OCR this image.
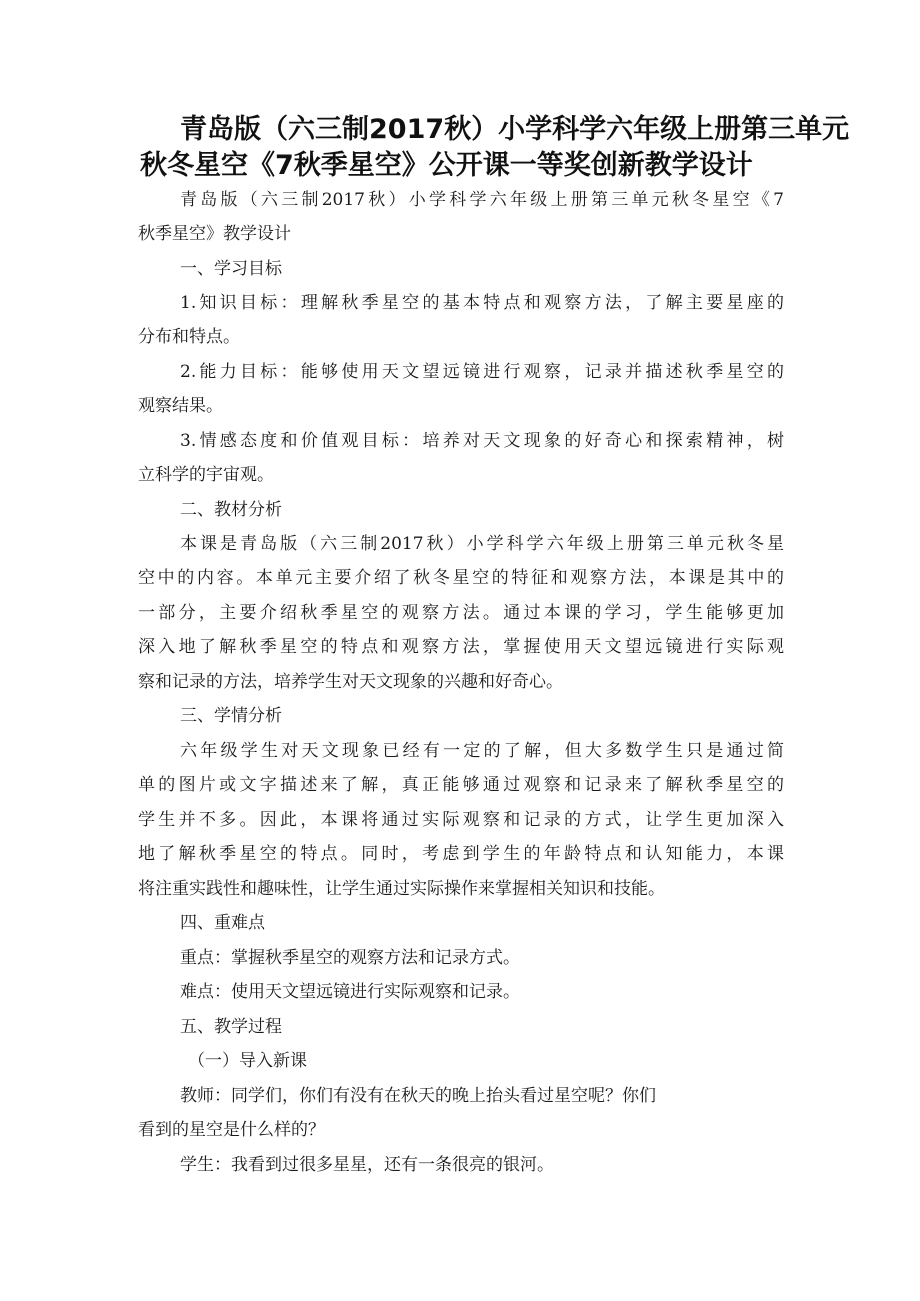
青岛版（六三制2017秋）小学科学六年级上册第三单元
秋冬星空《7秋季星空》公开课一等奖创新教学设计
青岛版（六三制2017秋）小学科学六年级上册第三单元秋冬星空《7
秋季星空》教学设计
一、学习目标
1.知识目标：理解秋季星空的基本特点和观察方法，了解主要星座的
分布和特点。
2.能力目标：能够使用天文望远镜进行观察，记录并描述秋季星空的
观察结果。
3.情感态度和价值观目标：培养对天文现象的好奇心和探索精神，树
立科学的宇宙观。
二、教材分析
本课是青岛版（六三制2017秋）小学科学六年级上册第三单元秋冬星
空中的内容。本单元主要介绍了秋冬星空的特征和观察方法，本课是其中的
一部分，主要介绍秋季星空的观察方法。通过本课的学习，学生能够更加
深入地了解秋季星空的特点和观察方法，掌握使用天文望远镜进行实际观
察和记录的方法，培养学生对天文现象的兴趣和好奇心。
三、学情分析
六年级学生对天文现象已经有一定的了解，但大多数学生只是通过简
单的图片或文字描述来了解，真正能够通过观察和记录来了解秋季星空的
学生并不多。因此，本课将通过实际观察和记录的方式，让学生更加深入
地了解秋季星空的特点。同时，考虑到学生的年龄特点和认知能力，本课
将注重实践性和趣味性，让学生通过实际操作来掌握相关知识和技能。
四、重难点
重点：掌握秋季星空的观察方法和记录方式。
难点：使用天文望远镜进行实际观察和记录。
五、教学过程
（一）导入新课
教师：同学们，你们有没有在秋天的晚上抬头看过星空呢？你们
看到的星空是什么样的？
学生：我看到过很多星星，还有一条很亮的银河。
